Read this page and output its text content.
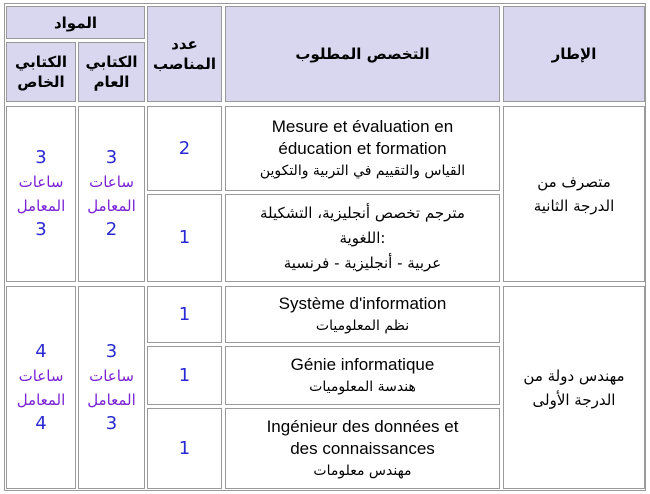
المواد
الكتابي
الخاص
الكتابي
العام
عدد
المناصب
التخصص المطلوب	الإطار
3
ساعات
المعامل
3
3
ساعات
المعامل
2
2
Mesure et évaluation en
éducation et formation
القياس والتقييم في التربية والتكوين
1
مترجم تخصص أنجليزية، التشكيلة
اللغوية:
عربية - أنجليزية - فرنسية
متصرف من
الدرجة الثانية
4
ساعات
المعامل
4
3
ساعات
المعامل
3
1
Système d'information
نظم المعلوميات
1
Génie informatique
هندسة المعلوميات
1
Ingénieur des données et
des connaissances
مهندس معلومات
مهندس دولة من
الدرجة الأولى
